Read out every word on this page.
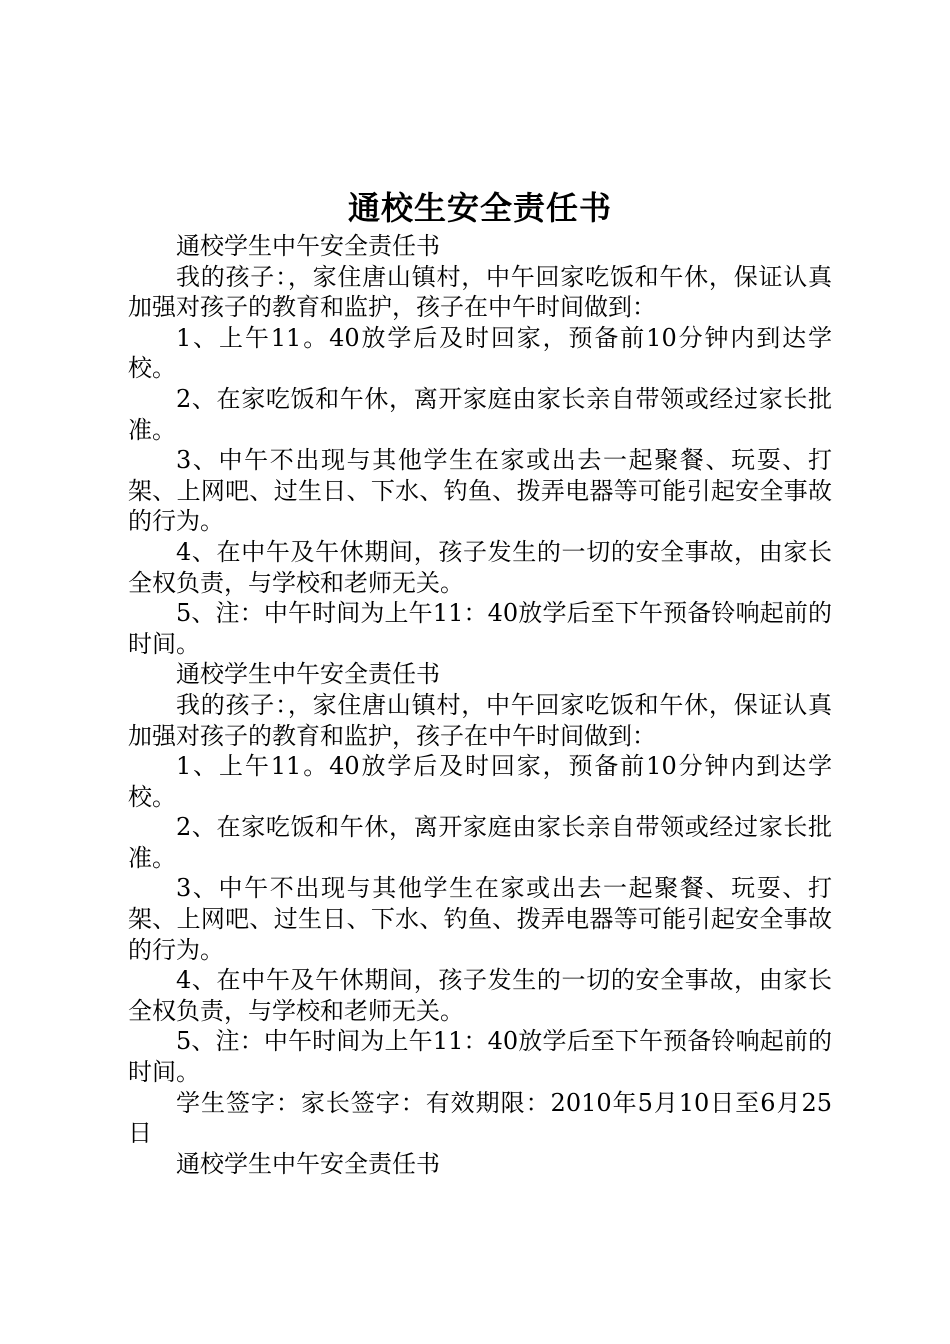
通校生安全责任书

通校学生中午安全责任书

我的孩子：，家住唐山镇村，中午回家吃饭和午休，保证认真加强对孩子的教育和监护，孩子在中午时间做到：

1、上午11。40放学后及时回家，预备前10分钟内到达学校。

2、在家吃饭和午休，离开家庭由家长亲自带领或经过家长批准。

3、中午不出现与其他学生在家或出去一起聚餐、玩耍、打架、上网吧、过生日、下水、钓鱼、拨弄电器等可能引起安全事故的行为。

4、在中午及午休期间，孩子发生的一切的安全事故，由家长全权负责，与学校和老师无关。

5、注：中午时间为上午11：40放学后至下午预备铃响起前的时间。

通校学生中午安全责任书

我的孩子：，家住唐山镇村，中午回家吃饭和午休，保证认真加强对孩子的教育和监护，孩子在中午时间做到：

1、上午11。40放学后及时回家，预备前10分钟内到达学校。

2、在家吃饭和午休，离开家庭由家长亲自带领或经过家长批准。

3、中午不出现与其他学生在家或出去一起聚餐、玩耍、打架、上网吧、过生日、下水、钓鱼、拨弄电器等可能引起安全事故的行为。

4、在中午及午休期间，孩子发生的一切的安全事故，由家长全权负责，与学校和老师无关。

5、注：中午时间为上午11：40放学后至下午预备铃响起前的时间。

学生签字：家长签字：有效期限：2010年5月10日至6月25日

通校学生中午安全责任书
